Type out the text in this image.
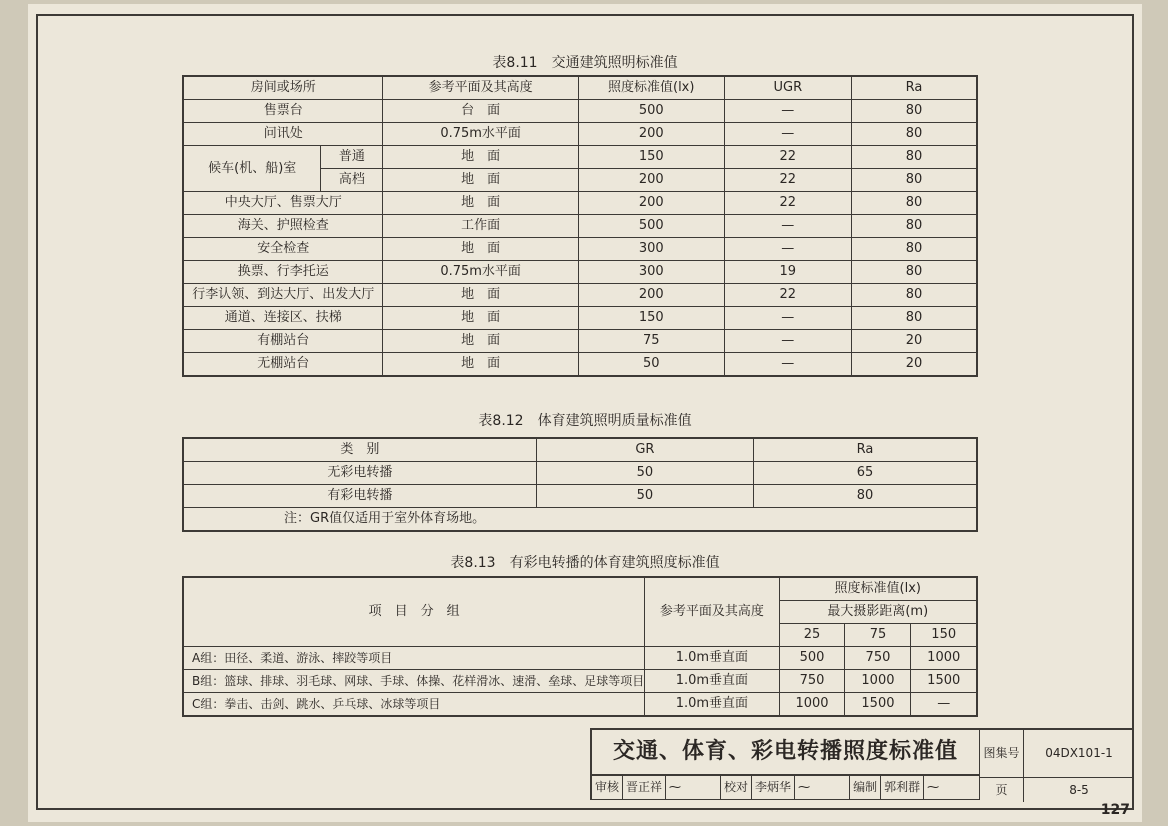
表8.11　交通建筑照明标准值
房间或场所		参考平面及其高度	照度标准值(lx)	UGR	Ra
售票台		台　面	500	—	80
问讯处		0.75m水平面	200	—	80
候车(机、船)室	普通	地　面	150	22	80
	高档	地　面	200	22	80
中央大厅、售票大厅		地　面	200	22	80
海关、护照检查		工作面	500	—	80
安全检查		地　面	300	—	80
换票、行李托运		0.75m水平面	300	19	80
行李认领、到达大厅、出发大厅		地　面	200	22	80
通道、连接区、扶梯		地　面	150	—	80
有棚站台		地　面	75	—	20
无棚站台		地　面	50	—	20
表8.12　体育建筑照明质量标准值
类　别	GR	Ra
无彩电转播	50	65
有彩电转播	50	80
注：GR值仅适用于室外体育场地。		
表8.13　有彩电转播的体育建筑照度标准值
项　目　分　组	参考平面及其高度	照度标准值(lx)		
		最大摄影距离(m)		
		25	75	150
A组：田径、柔道、游泳、摔跤等项目	1.0m垂直面	500	750	1000
B组：篮球、排球、羽毛球、网球、手球、体操、花样滑冰、速滑、垒球、足球等项目	1.0m垂直面	750	1000	1500
C组：拳击、击剑、跳水、乒乓球、冰球等项目	1.0m垂直面	1000	1500	—
交通、体育、彩电转播照度标准值
审核 晋正祥 ⁓	校对 李炳华 ⁓	编制 郭利群 ⁓
图集号	04DX101-1
页	8-5
127
